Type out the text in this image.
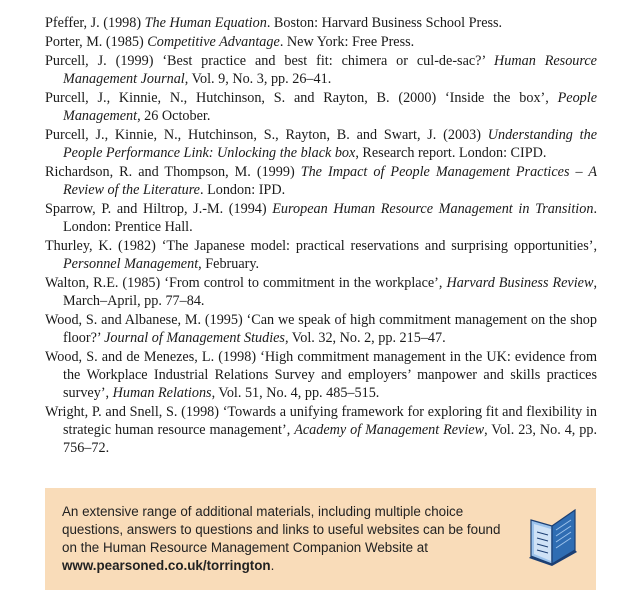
Pfeffer, J. (1998) The Human Equation. Boston: Harvard Business School Press.

Porter, M. (1985) Competitive Advantage. New York: Free Press.

Purcell, J. (1999) ‘Best practice and best fit: chimera or cul-de-sac?’ Human Resource Management Journal, Vol. 9, No. 3, pp. 26–41.

Purcell, J., Kinnie, N., Hutchinson, S. and Rayton, B. (2000) ‘Inside the box’, People Management, 26 October.

Purcell, J., Kinnie, N., Hutchinson, S., Rayton, B. and Swart, J. (2003) Understanding the People Performance Link: Unlocking the black box, Research report. London: CIPD.

Richardson, R. and Thompson, M. (1999) The Impact of People Management Practices – A Review of the Literature. London: IPD.

Sparrow, P. and Hiltrop, J.-M. (1994) European Human Resource Management in Transition. London: Prentice Hall.

Thurley, K. (1982) ‘The Japanese model: practical reservations and surprising opportunities’, Personnel Management, February.

Walton, R.E. (1985) ‘From control to commitment in the workplace’, Harvard Business Review, March–April, pp. 77–84.

Wood, S. and Albanese, M. (1995) ‘Can we speak of high commitment management on the shop floor?’ Journal of Management Studies, Vol. 32, No. 2, pp. 215–47.

Wood, S. and de Menezes, L. (1998) ‘High commitment management in the UK: evidence from the Workplace Industrial Relations Survey and employers’ manpower and skills practices survey’, Human Relations, Vol. 51, No. 4, pp. 485–515.

Wright, P. and Snell, S. (1998) ‘Towards a unifying framework for exploring fit and flexibility in strategic human resource management’, Academy of Management Review, Vol. 23, No. 4, pp. 756–72.

An extensive range of additional materials, including multiple choice questions, answers to questions and links to useful websites can be found on the Human Resource Management Companion Website at www.pearsoned.co.uk/torrington.
